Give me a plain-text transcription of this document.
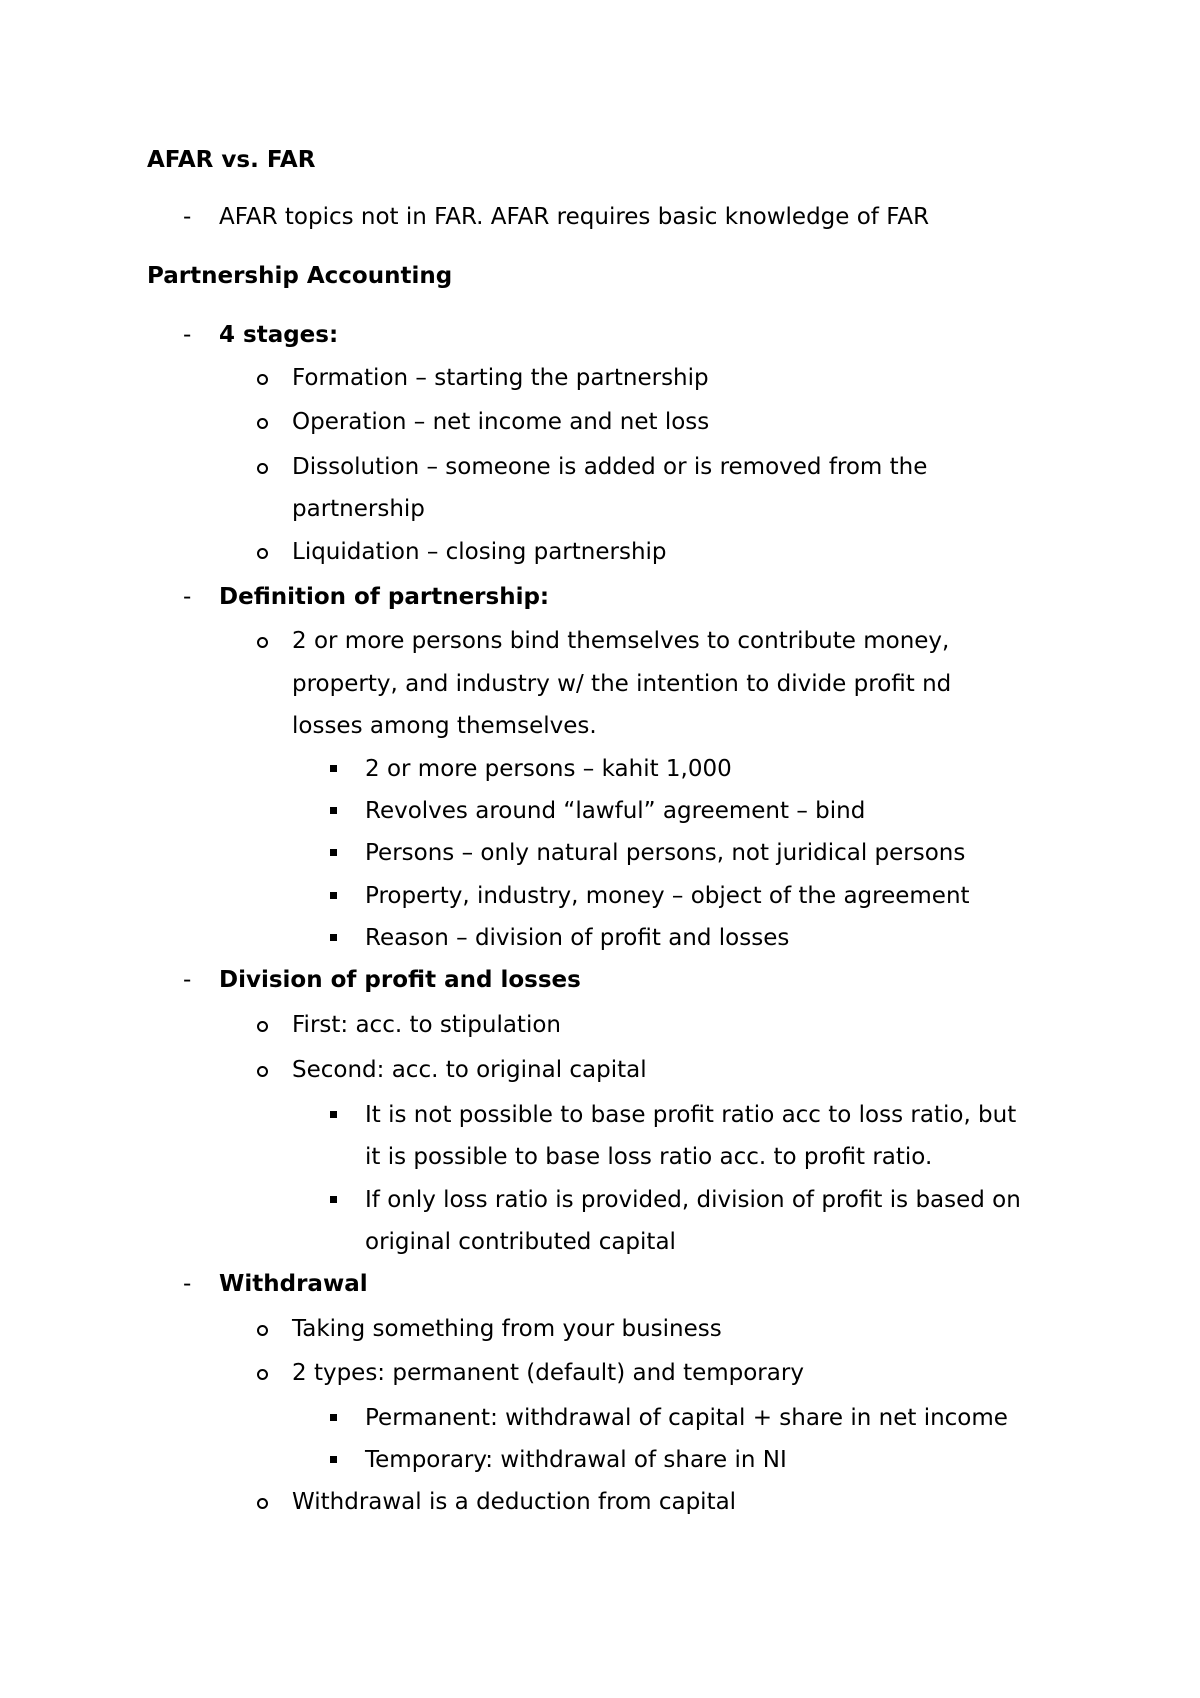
AFAR vs. FAR
- AFAR topics not in FAR. AFAR requires basic knowledge of FAR
Partnership Accounting
- 4 stages:
Formation – starting the partnership
Operation – net income and net loss
Dissolution – someone is added or is removed from the
partnership
Liquidation – closing partnership
- Definition of partnership:
2 or more persons bind themselves to contribute money,
property, and industry w/ the intention to divide profit nd
losses among themselves.
2 or more persons – kahit 1,000
Revolves around “lawful” agreement – bind
Persons – only natural persons, not juridical persons
Property, industry, money – object of the agreement
Reason – division of profit and losses
- Division of profit and losses
First: acc. to stipulation
Second: acc. to original capital
It is not possible to base profit ratio acc to loss ratio, but
it is possible to base loss ratio acc. to profit ratio.
If only loss ratio is provided, division of profit is based on
original contributed capital
- Withdrawal
Taking something from your business
2 types: permanent (default) and temporary
Permanent: withdrawal of capital + share in net income
Temporary: withdrawal of share in NI
Withdrawal is a deduction from capital
